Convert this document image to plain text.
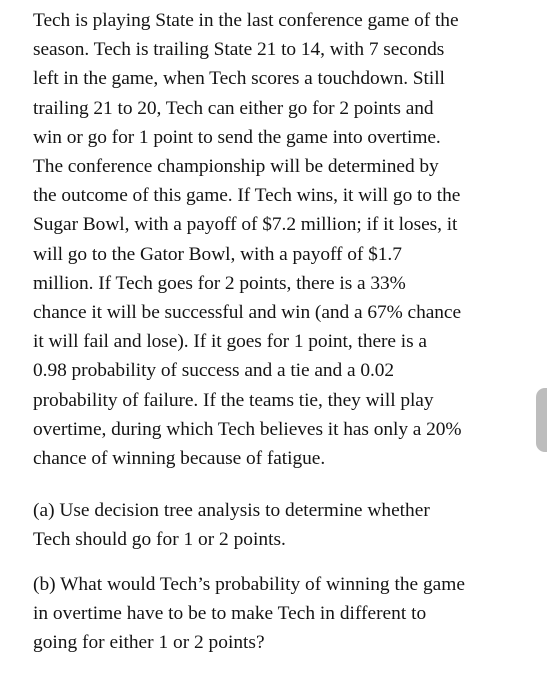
Tech is playing State in the last conference game of the
season. Tech is trailing State 21 to 14, with 7 seconds
left in the game, when Tech scores a touchdown. Still
trailing 21 to 20, Tech can either go for 2 points and
win or go for 1 point to send the game into overtime.
The conference championship will be determined by
the outcome of this game. If Tech wins, it will go to the
Sugar Bowl, with a payoff of $7.2 million; if it loses, it
will go to the Gator Bowl, with a payoff of $1.7
million. If Tech goes for 2 points, there is a 33%
chance it will be successful and win (and a 67% chance
it will fail and lose). If it goes for 1 point, there is a
0.98 probability of success and a tie and a 0.02
probability of failure. If the teams tie, they will play
overtime, during which Tech believes it has only a 20%
chance of winning because of fatigue.
(a) Use decision tree analysis to determine whether
Tech should go for 1 or 2 points.
(b) What would Tech’s probability of winning the game
in overtime have to be to make Tech in different to
going for either 1 or 2 points?
